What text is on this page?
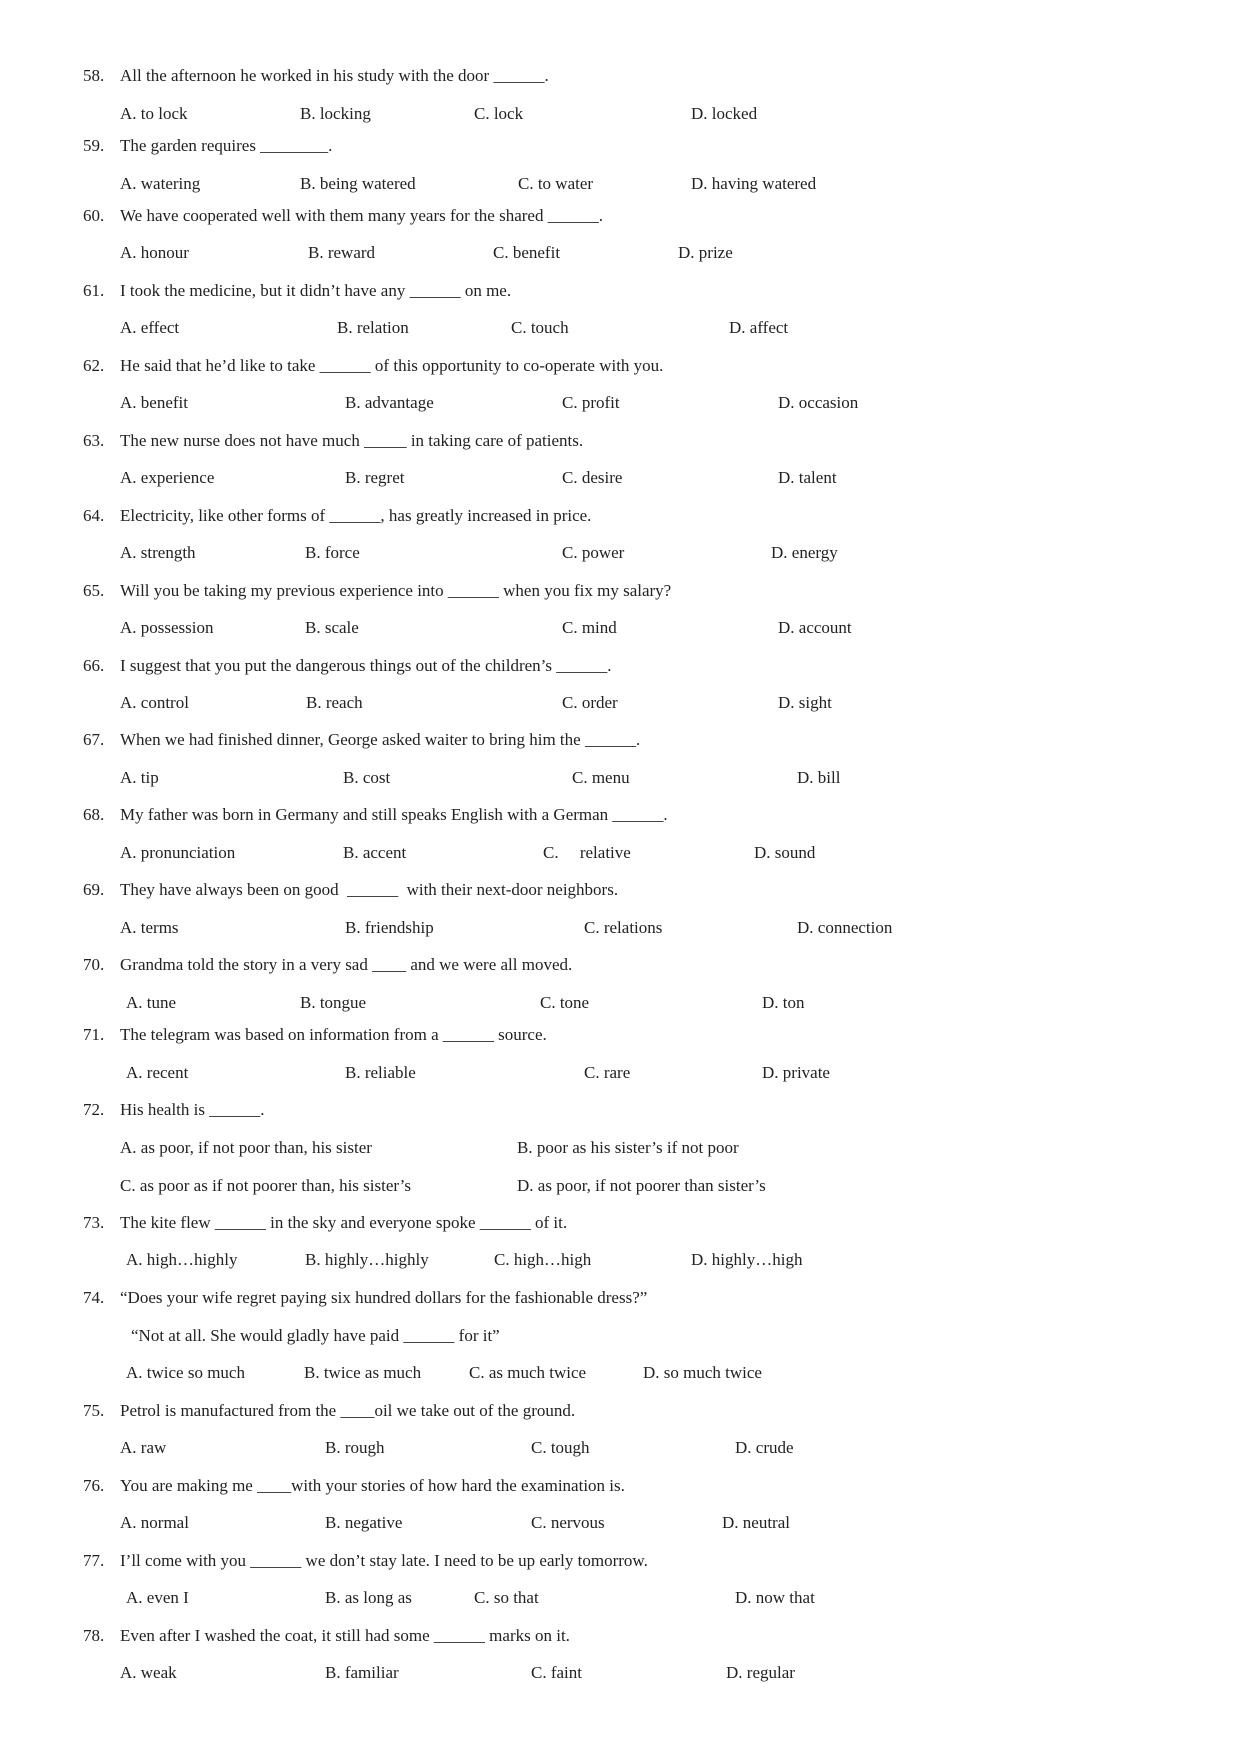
58. All the afternoon he worked in his study with the door ______.
A. to lock	B. locking	C. lock	D. locked
59. The garden requires ________.
A. watering	B. being watered	C. to water	D. having watered
60. We have cooperated well with them many years for the shared ______.
A. honour	B. reward	C. benefit	D. prize
61. I took the medicine, but it didn’t have any ______ on me.
A. effect	B. relation	C. touch	D. affect
62. He said that he’d like to take ______ of this opportunity to co-operate with you.
A. benefit	B. advantage	C. profit	D. occasion
63. The new nurse does not have much _____ in taking care of patients.
A. experience	B. regret	C. desire	D. talent
64. Electricity, like other forms of ______, has greatly increased in price.
A. strength	B. force	C. power	D. energy
65. Will you be taking my previous experience into ______ when you fix my salary?
A. possession	B. scale	C. mind	D. account
66. I suggest that you put the dangerous things out of the children’s ______.
A. control	B. reach	C. order	D. sight
67. When we had finished dinner, George asked waiter to bring him the ______.
A. tip	B. cost	C. menu	D. bill
68. My father was born in Germany and still speaks English with a German ______.
A. pronunciation	B. accent	C.     relative	D. sound
69. They have always been on good  ______  with their next-door neighbors.
A. terms	B. friendship	C. relations	D. connection
70. Grandma told the story in a very sad ____ and we were all moved.
A. tune	B. tongue	C. tone	D. ton
71. The telegram was based on information from a ______ source.
A. recent	B. reliable	C. rare	D. private
72. His health is ______.
A. as poor, if not poor than, his sister	B. poor as his sister’s if not poor
C. as poor as if not poorer than, his sister’s	D. as poor, if not poorer than sister’s
73. The kite flew ______ in the sky and everyone spoke ______ of it.
A. high…highly	B. highly…highly	C. high…high	D. highly…high
74. “Does your wife regret paying six hundred dollars for the fashionable dress?”
“Not at all. She would gladly have paid ______ for it”
A. twice so much	B. twice as much	C. as much twice	D. so much twice
75. Petrol is manufactured from the ____oil we take out of the ground.
A. raw	B. rough	C. tough	D. crude
76. You are making me ____with your stories of how hard the examination is.
A. normal	B. negative	C. nervous	D. neutral
77. I’ll come with you ______ we don’t stay late. I need to be up early tomorrow.
A. even I	B. as long as	C. so that	D. now that
78. Even after I washed the coat, it still had some ______ marks on it.
A. weak	B. familiar	C. faint	D. regular
